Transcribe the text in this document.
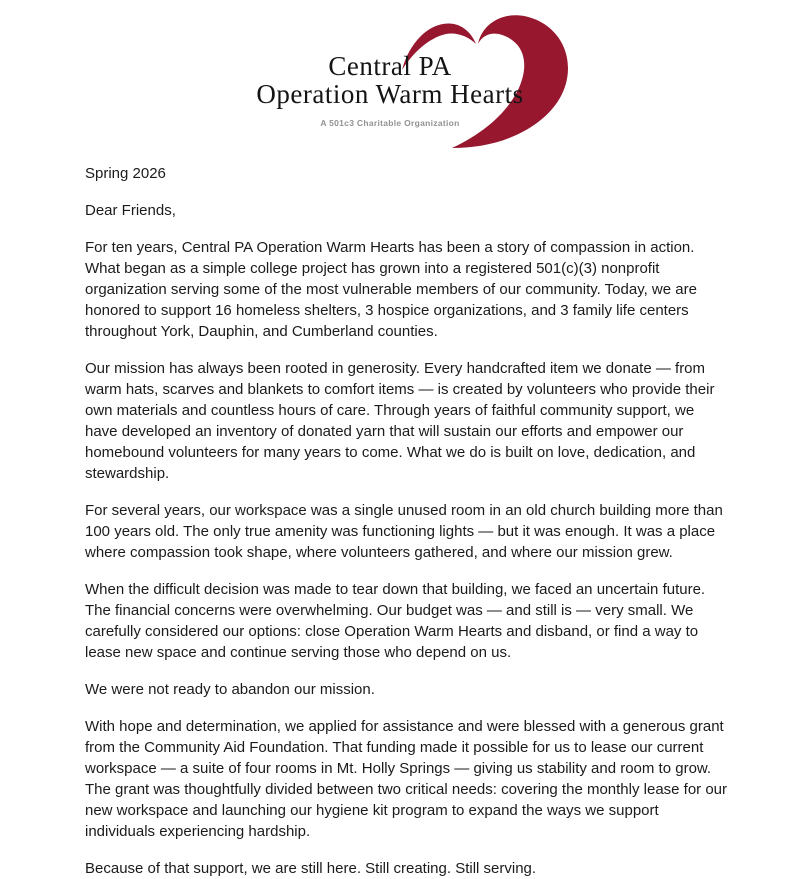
Central PA
Operation Warm Hearts
A 501c3 Charitable Organization

Spring 2026

Dear Friends,

For ten years, Central PA Operation Warm Hearts has been a story of compassion in action. What began as a simple college project has grown into a registered 501(c)(3) nonprofit organization serving some of the most vulnerable members of our community. Today, we are honored to support 16 homeless shelters, 3 hospice organizations, and 3 family life centers throughout York, Dauphin, and Cumberland counties.

Our mission has always been rooted in generosity. Every handcrafted item we donate — from warm hats, scarves and blankets to comfort items — is created by volunteers who provide their own materials and countless hours of care. Through years of faithful community support, we have developed an inventory of donated yarn that will sustain our efforts and empower our homebound volunteers for many years to come. What we do is built on love, dedication, and stewardship.

For several years, our workspace was a single unused room in an old church building more than 100 years old. The only true amenity was functioning lights — but it was enough. It was a place where compassion took shape, where volunteers gathered, and where our mission grew.

When the difficult decision was made to tear down that building, we faced an uncertain future. The financial concerns were overwhelming. Our budget was — and still is — very small. We carefully considered our options: close Operation Warm Hearts and disband, or find a way to lease new space and continue serving those who depend on us.

We were not ready to abandon our mission.

With hope and determination, we applied for assistance and were blessed with a generous grant from the Community Aid Foundation. That funding made it possible for us to lease our current workspace — a suite of four rooms in Mt. Holly Springs — giving us stability and room to grow. The grant was thoughtfully divided between two critical needs: covering the monthly lease for our new workspace and launching our hygiene kit program to expand the ways we support individuals experiencing hardship.

Because of that support, we are still here. Still creating. Still serving.
